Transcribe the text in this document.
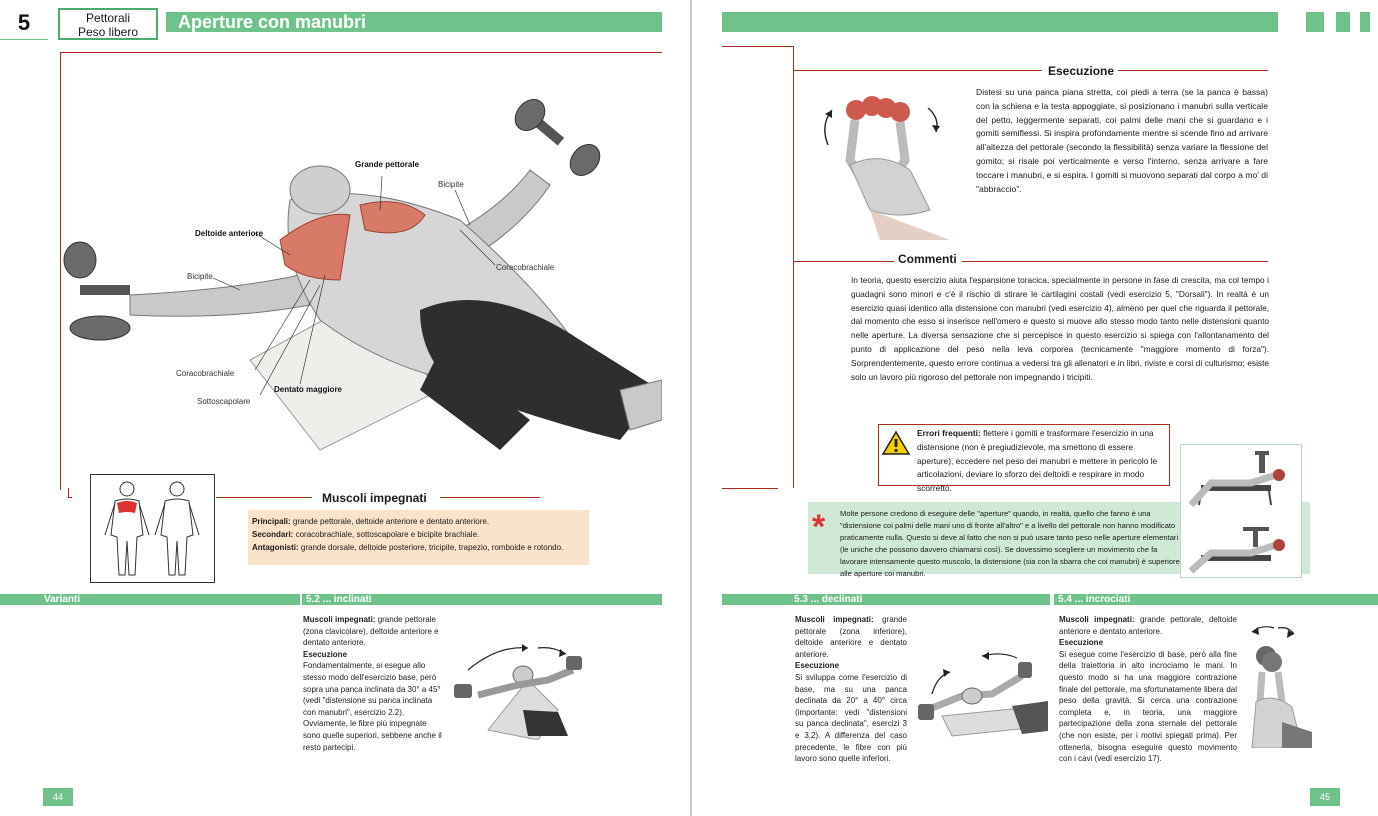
5	Pettorali
Peso libero	Aperture con manubri
Grande pettorale
Bicipite
Deltoide anteriore
Coracobrachiale
Bicipite
Coracobrachiale
Dentato maggiore
Sottoscapolare
Muscoli impegnati
Principali: grande pettorale, deltoide anteriore e dentato anteriore.
Secondari: coracobrachiale, sottoscapolare e bicipite brachiale.
Antagonisti: grande dorsale, deltoide posteriore, tricipite, trapezio, romboide e rotondo.
Varianti	5.2 ... inclinati
Muscoli impegnati: grande pettorale (zona clavicolare), deltoide anteriore e dentato anteriore.
Esecuzione
Fondamentalmente, si esegue allo stesso modo dell'esercizio base, però sopra una panca inclinata da 30° a 45° (vedi "distensione su panca inclinata con manubri", esercizio 2.2). Ovviamente, le fibre più impegnate sono quelle superiori, sebbene anche il resto partecipi.
44
Esecuzione
Distesi su una panca piana stretta, coi piedi a terra (se la panca è bassa) con la schiena e la testa appoggiate, si posizionano i manubri sulla verticale del petto, leggermente separati, coi palmi delle mani che si guardano e i gomiti semiflessi. Si inspira profondamente mentre si scende fino ad arrivare all'altezza del pettorale (secondo la flessibilità) senza variare la flessione del gomito; si risale poi verticalmente e verso l'interno, senza arrivare a fare toccare i manubri, e si espira. I gomiti si muovono separati dal corpo a mo' di "abbraccio".
Commenti
In teoria, questo esercizio aiuta l'espansione toracica, specialmente in persone in fase di crescita, ma col tempo i guadagni sono minori e c'è il rischio di stirare le cartilagini costali (vedi esercizio 5, "Dorsali"). In realtà è un esercizio quasi identico alla distensione con manubri (vedi esercizio 4), almeno per quel che riguarda il pettorale, dal momento che esso si inserisce nell'omero e questo si muove allo stesso modo tanto nelle distensioni quanto nelle aperture. La diversa sensazione che si percepisce in questo esercizio si spiega con l'allontanamento del punto di applicazione del peso nella leva corporea (tecnicamente "maggiore momento di forza"). Sorprendentemente, questo errore continua a vedersi tra gli allenatori e in libri, riviste e corsi di culturismo; esiste solo un lavoro più rigoroso del pettorale non impegnando i tricipiti.
Errori frequenti: flettere i gomiti e trasformare l'esercizio in una distensione (non è pregiudizievole, ma smettono di essere aperture), eccedere nel peso dei manubri e mettere in pericolo le articolazioni, deviare lo sforzo dei deltoidi e respirare in modo scorretto.
Molte persone credono di eseguire delle "aperture" quando, in realtà, quello che fanno è una "distensione coi palmi delle mani uno di fronte all'altro" e a livello del pettorale non hanno modificato praticamente nulla. Questo si deve al fatto che non si può usare tanto peso nelle aperture elementari (le uniche che possono davvero chiamarsi così). Se dovessimo scegliere un movimento che fa lavorare intensamente questo muscolo, la distensione (sia con la sbarra che coi manubri) è superiore alle aperture coi manubri.
*
5.3 ... declinati	5.4 ... incrociati
Muscoli impegnati: grande pettorale (zona inferiore), deltoide anteriore e dentato anteriore.
Esecuzione
Si sviluppa come l'esercizio di base, ma su una panca declinata da 20° a 40° circa (importante: vedi "distensioni su panca declinata", esercizi 3 e 3.2). A differenza del caso precedente, le fibre con più lavoro sono quelle inferiori.
Muscoli impegnati: grande pettorale, deltoide anteriore e dentato anteriore.
Esecuzione
Si esegue come l'esercizio di base, però alla fine della traiettoria in alto incrociamo le mani. In questo modo si ha una maggiore contrazione finale del pettorale, ma sfortunatamente libera dal peso della gravità. Si cerca una contrazione completa e, in teoria, una maggiore partecipazione della zona sternale del pettorale (che non esiste, per i motivi spiegati prima). Per ottenerla, bisogna eseguire questo movimento con i cavi (vedi esercizio 17).
45
